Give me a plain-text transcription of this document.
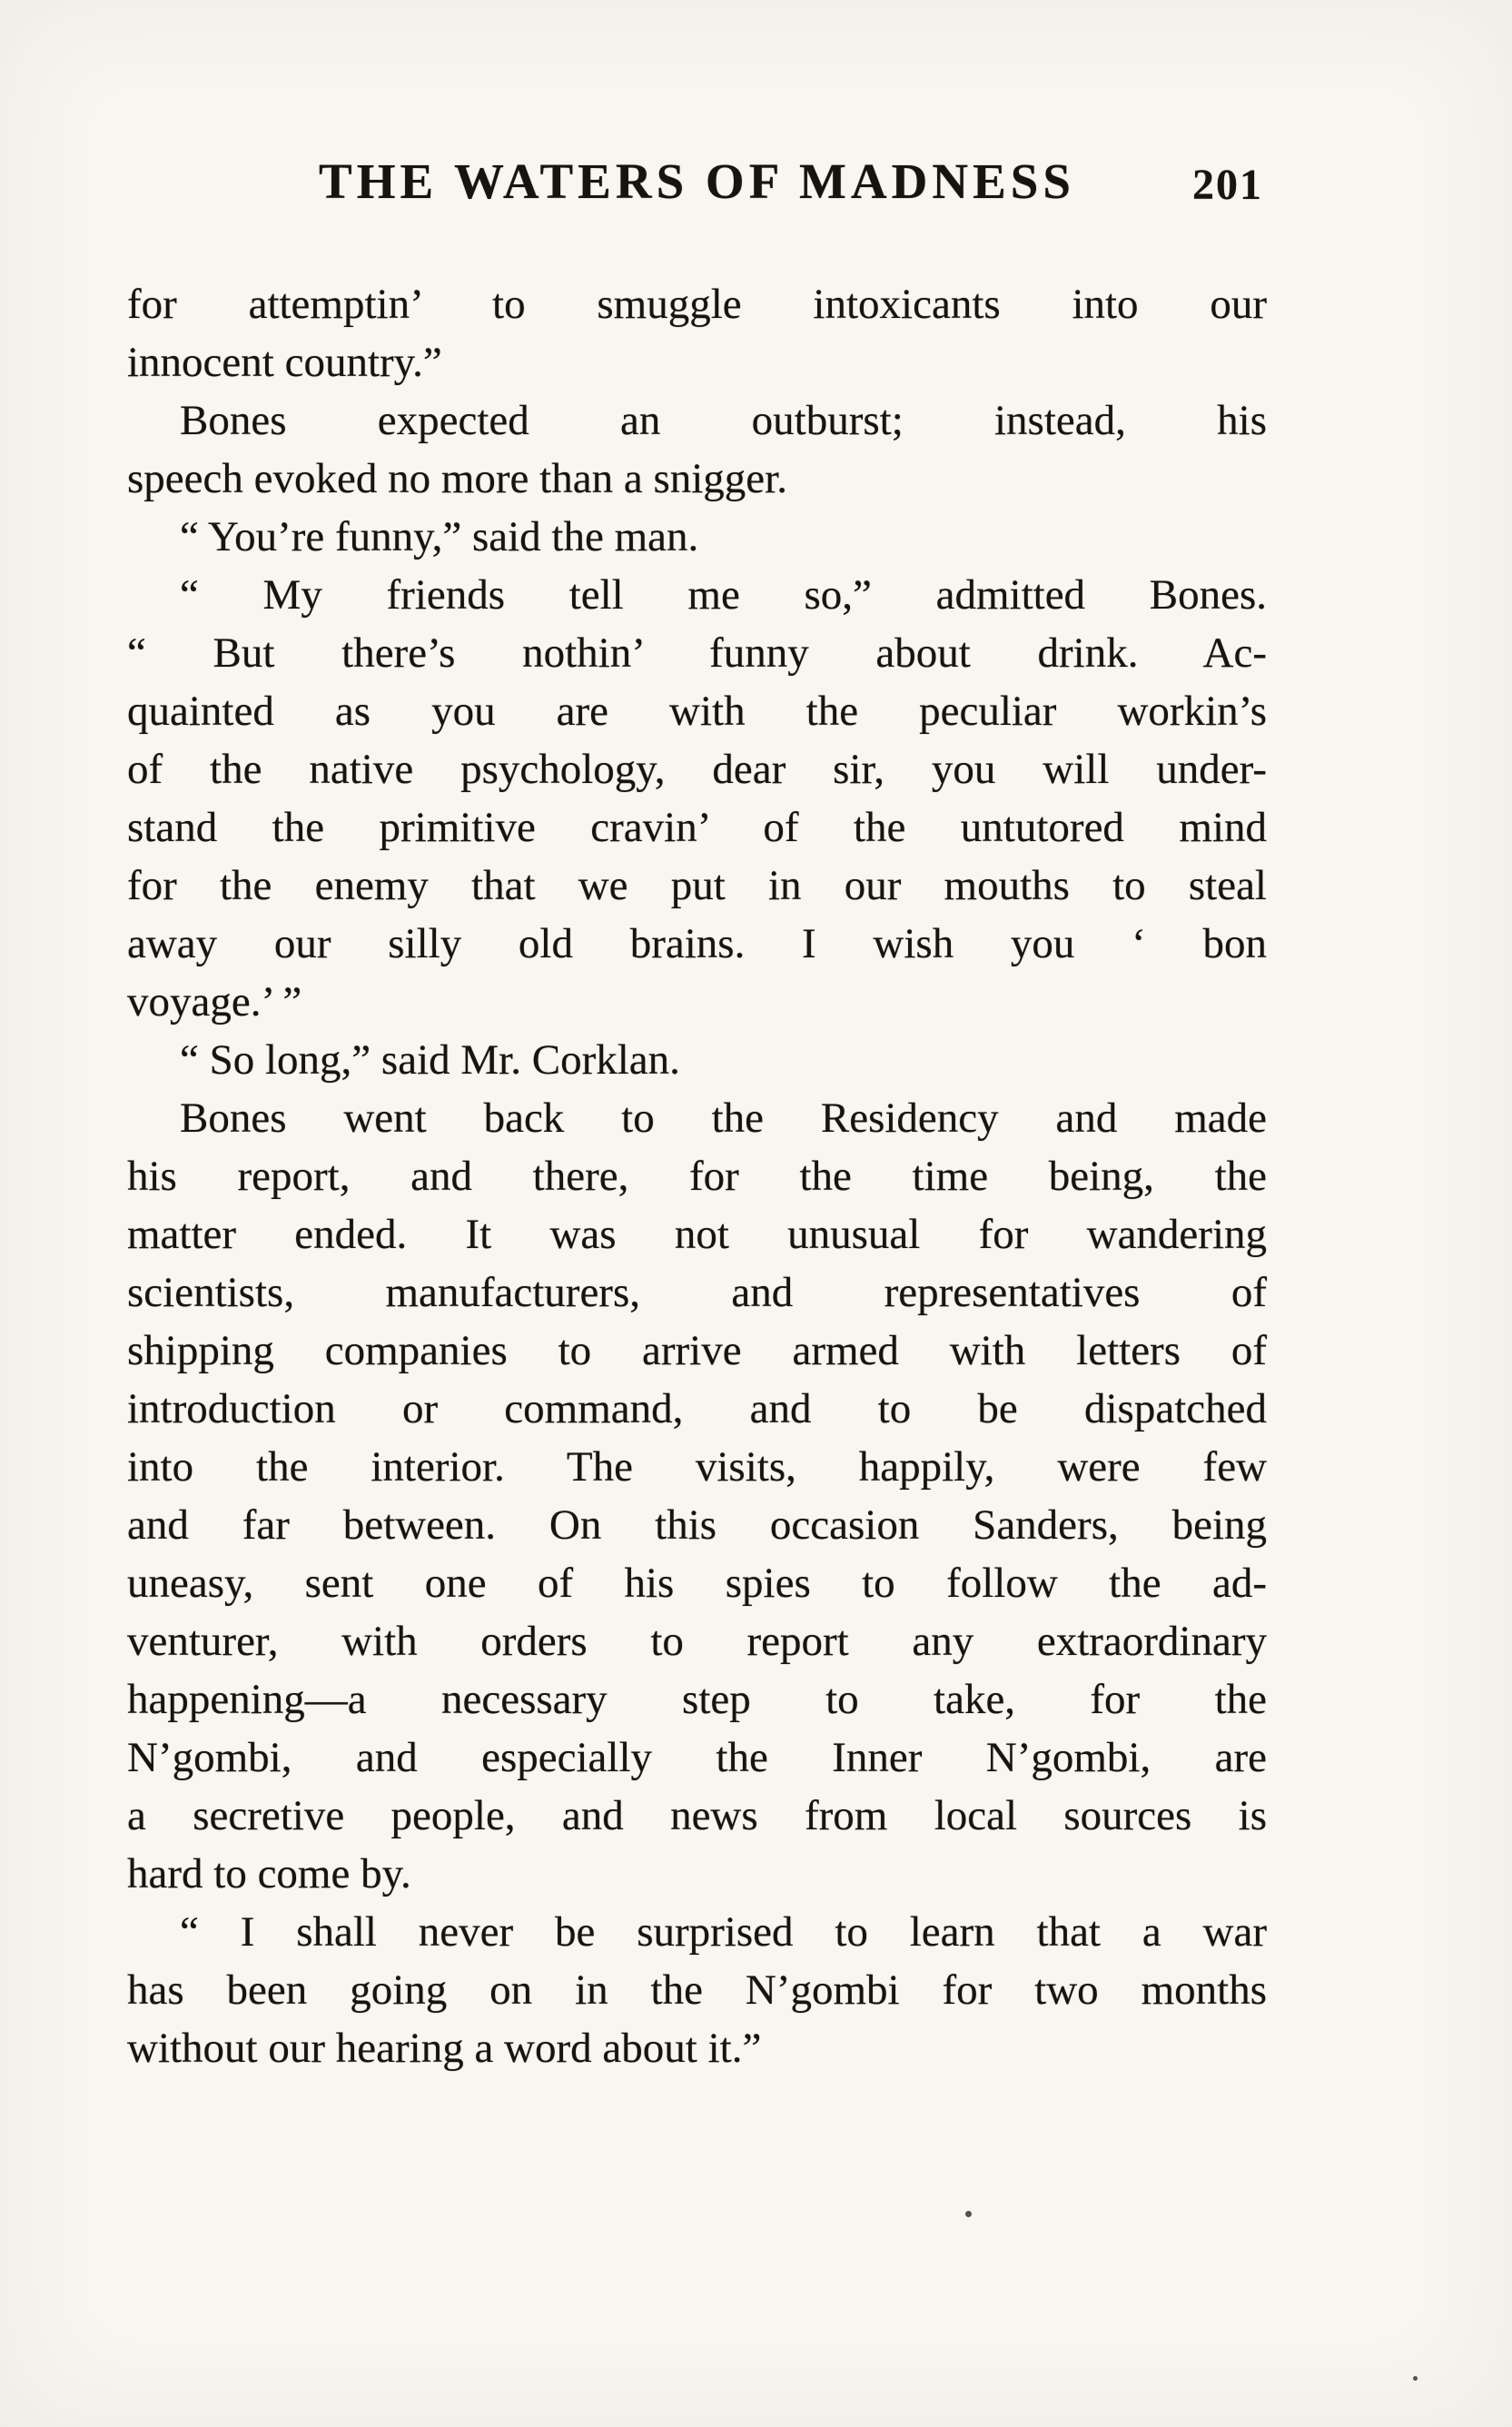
THE WATERS OF MADNESS	201
for attemptin’ to smuggle intoxicants into our
innocent country.”
Bones expected an outburst; instead, his
speech evoked no more than a snigger.
“ You’re funny,” said the man.
“ My friends tell me so,” admitted Bones.
“ But there’s nothin’ funny about drink. Ac-
quainted as you are with the peculiar workin’s
of the native psychology, dear sir, you will under-
stand the primitive cravin’ of the untutored mind
for the enemy that we put in our mouths to steal
away our silly old brains. I wish you ‘ bon
voyage.’ ”
“ So long,” said Mr. Corklan.
Bones went back to the Residency and made
his report, and there, for the time being, the
matter ended. It was not unusual for wandering
scientists, manufacturers, and representatives of
shipping companies to arrive armed with letters of
introduction or command, and to be dispatched
into the interior. The visits, happily, were few
and far between. On this occasion Sanders, being
uneasy, sent one of his spies to follow the ad-
venturer, with orders to report any extraordinary
happening—a necessary step to take, for the
N’gombi, and especially the Inner N’gombi, are
a secretive people, and news from local sources is
hard to come by.
“ I shall never be surprised to learn that a war
has been going on in the N’gombi for two months
without our hearing a word about it.”
